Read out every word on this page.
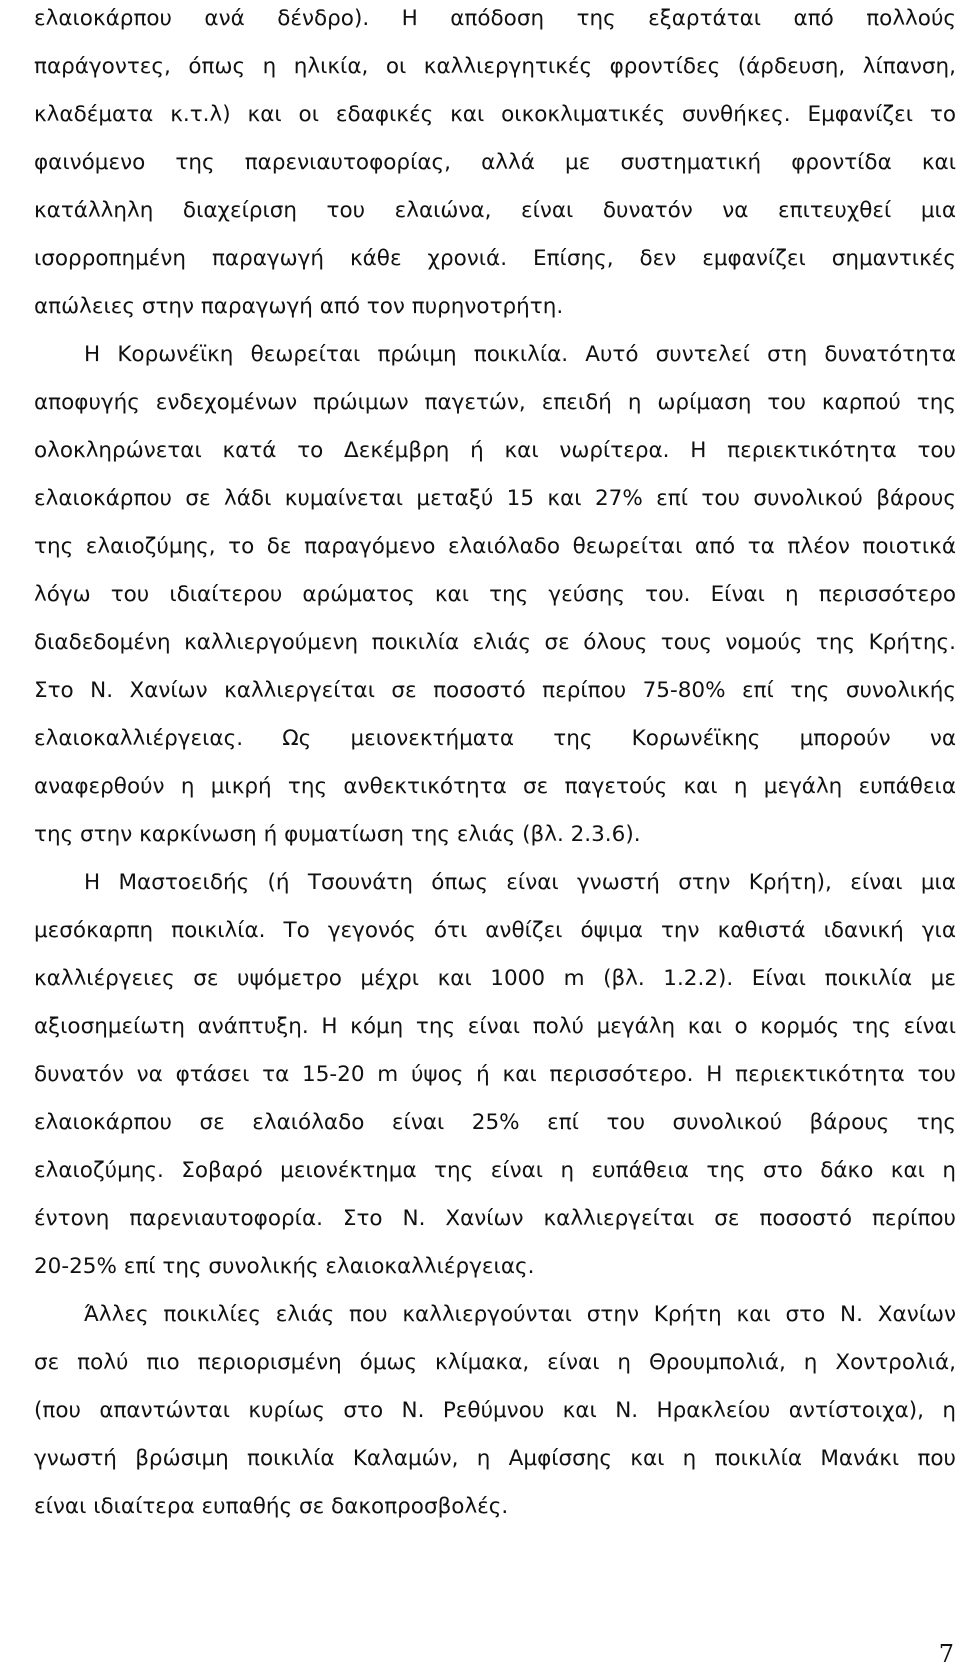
ελαιοκάρπου ανά δένδρο). Η απόδοση της εξαρτάται από πολλούς
παράγοντες, όπως η ηλικία, οι καλλιεργητικές φροντίδες (άρδευση, λίπανση,
κλαδέματα κ.τ.λ) και οι εδαφικές και οικοκλιματικές συνθήκες. Εμφανίζει το
φαινόμενο της παρενιαυτοφορίας, αλλά με συστηματική φροντίδα και
κατάλληλη διαχείριση του ελαιώνα, είναι δυνατόν να επιτευχθεί μια
ισορροπημένη παραγωγή κάθε χρονιά. Επίσης, δεν εμφανίζει σημαντικές
απώλειες στην παραγωγή από τον πυρηνοτρήτη.
Η Κορωνέϊκη θεωρείται πρώιμη ποικιλία. Αυτό συντελεί στη δυνατότητα
αποφυγής ενδεχομένων πρώιμων παγετών, επειδή η ωρίμαση του καρπού της
ολοκληρώνεται κατά το Δεκέμβρη ή και νωρίτερα. Η περιεκτικότητα του
ελαιοκάρπου σε λάδι κυμαίνεται μεταξύ 15 και 27% επί του συνολικού βάρους
της ελαιοζύμης, το δε παραγόμενο ελαιόλαδο θεωρείται από τα πλέον ποιοτικά
λόγω του ιδιαίτερου αρώματος και της γεύσης του. Είναι η περισσότερο
διαδεδομένη καλλιεργούμενη ποικιλία ελιάς σε όλους τους νομούς της Κρήτης.
Στο Ν. Χανίων καλλιεργείται σε ποσοστό περίπου 75-80% επί της συνολικής
ελαιοκαλλιέργειας. Ως μειονεκτήματα της Κορωνέϊκης μπορούν να
αναφερθούν η μικρή της ανθεκτικότητα σε παγετούς και η μεγάλη ευπάθεια
της στην καρκίνωση ή φυματίωση της ελιάς (βλ. 2.3.6).
Η Μαστοειδής (ή Τσουνάτη όπως είναι γνωστή στην Κρήτη), είναι μια
μεσόκαρπη ποικιλία. Το γεγονός ότι ανθίζει όψιμα την καθιστά ιδανική για
καλλιέργειες σε υψόμετρο μέχρι και 1000 m (βλ. 1.2.2). Είναι ποικιλία με
αξιοσημείωτη ανάπτυξη. Η κόμη της είναι πολύ μεγάλη και ο κορμός της είναι
δυνατόν να φτάσει τα 15-20 m ύψος ή και περισσότερο. Η περιεκτικότητα του
ελαιοκάρπου σε ελαιόλαδο είναι 25% επί του συνολικού βάρους της
ελαιοζύμης. Σοβαρό μειονέκτημα της είναι η ευπάθεια της στο δάκο και η
έντονη παρενιαυτοφορία. Στο Ν. Χανίων καλλιεργείται σε ποσοστό περίπου
20-25% επί της συνολικής ελαιοκαλλιέργειας.
Άλλες ποικιλίες ελιάς που καλλιεργούνται στην Κρήτη και στο Ν. Χανίων
σε πολύ πιο περιορισμένη όμως κλίμακα, είναι η Θρουμπολιά, η Χοντρολιά,
(που απαντώνται κυρίως στο Ν. Ρεθύμνου και Ν. Ηρακλείου αντίστοιχα), η
γνωστή βρώσιμη ποικιλία Καλαμών, η Αμφίσσης και η ποικιλία Μανάκι που
είναι ιδιαίτερα ευπαθής σε δακοπροσβολές.
7
